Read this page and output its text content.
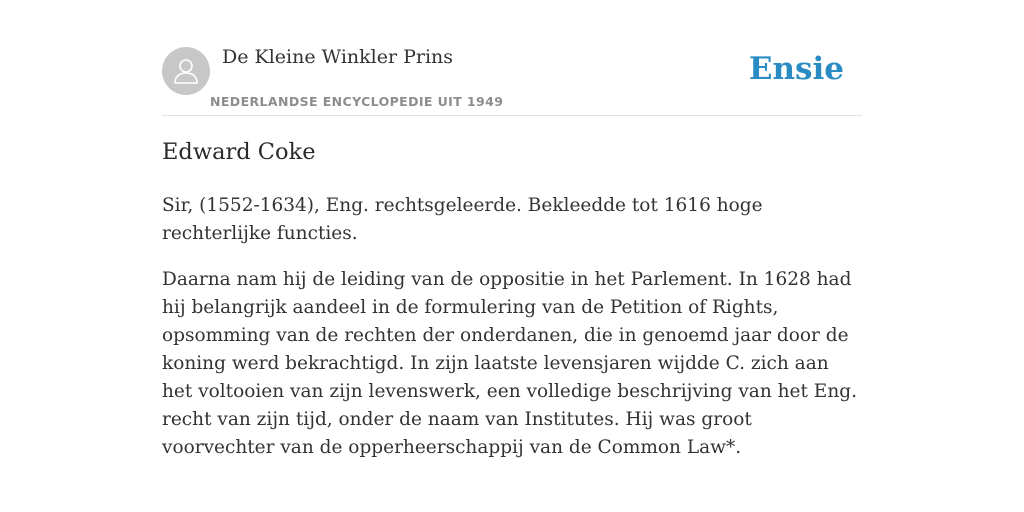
De Kleine Winkler Prins
NEDERLANDSE ENCYCLOPEDIE UIT 1949
Ensie
Edward Coke

Sir, (1552-1634), Eng. rechtsgeleerde. Bekleedde tot 1616 hoge rechterlijke functies.

Daarna nam hij de leiding van de oppositie in het Parlement. In 1628 had hij belangrijk aandeel in de formulering van de Petition of Rights, opsomming van de rechten der onderdanen, die in genoemd jaar door de koning werd bekrachtigd. In zijn laatste levensjaren wijdde C. zich aan het voltooien van zijn levenswerk, een volledige beschrijving van het Eng. recht van zijn tijd, onder de naam van Institutes. Hij was groot voorvechter van de opperheerschappij van de Common Law*.
